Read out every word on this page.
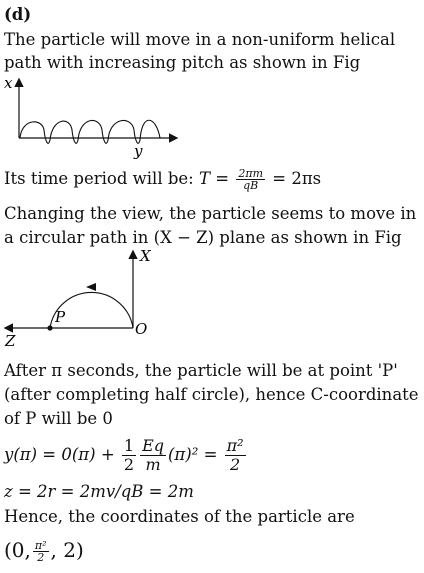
(d)
The particle will move in a non-uniform helical
path with increasing pitch as shown in Fig
x
y
Its time period will be: $T = \frac{2\pi m}{qB} = 2\pi s$
Changing the view, the particle seems to move in
a circular path in (X − Z) plane as shown in Fig
X
P
O
Z
After π seconds, the particle will be at point 'P'
(after completing half circle), hence C-coordinate
of P will be 0
$y(\pi) = 0(\pi) + \frac{1}{2} \frac{Eq}{m} (\pi)^2 = \frac{\text{π²}}{2}$
z = 2r = 2mv/qB = 2m
Hence, the coordinates of the particle are
(0, $\frac{\text{π²}}{2}$ , 2)
